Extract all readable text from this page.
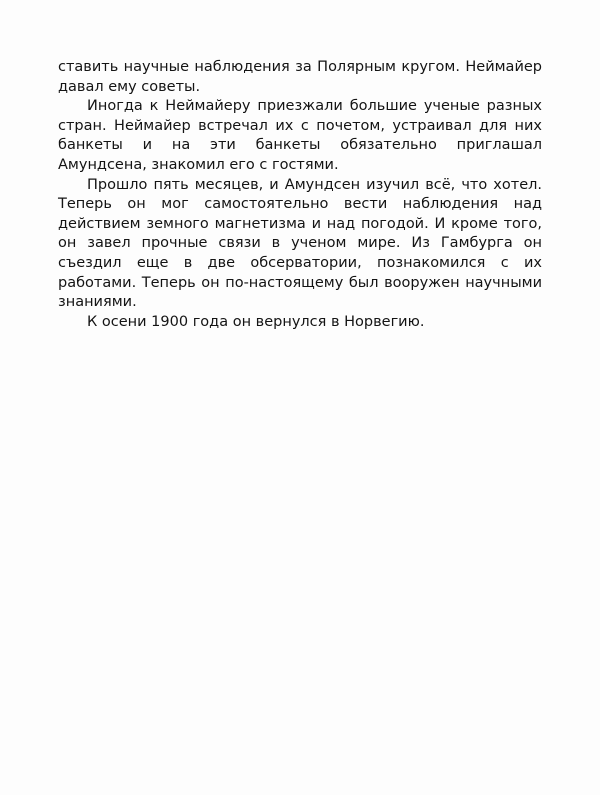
ставить научные наблюдения за Полярным кругом. Неймайер давал ему советы.

Иногда к Неймайеру приезжали большие ученые разных стран. Неймайер встречал их с почетом, устраивал для них банкеты и на эти банкеты обязательно приглашал Амундсена, знакомил его с гостями.

Прошло пять месяцев, и Амундсен изучил всё, что хотел. Теперь он мог самостоятельно вести наблюдения над действием земного магнетизма и над погодой. И кроме того, он завел прочные связи в ученом мире. Из Гамбурга он съездил еще в две обсерватории, познакомился с их работами. Теперь он по-настоящему был вооружен научными знаниями.

К осени 1900 года он вернулся в Норвегию.
